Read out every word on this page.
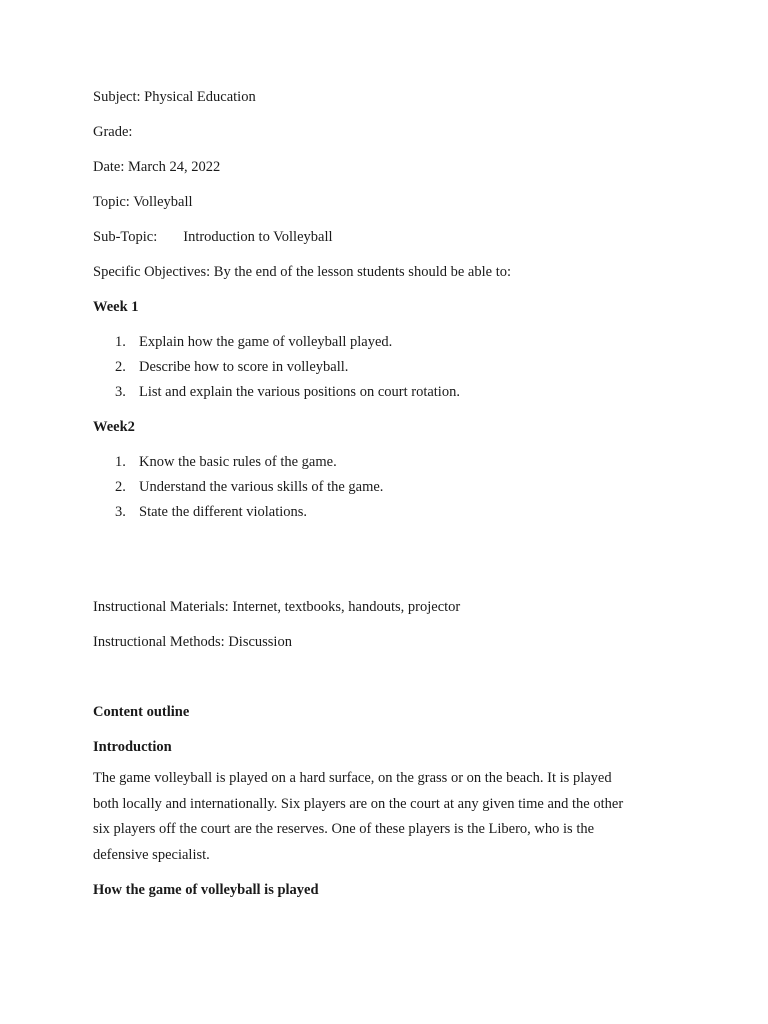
Subject: Physical Education
Grade:
Date: March 24, 2022
Topic: Volleyball
Sub-Topic: Introduction to Volleyball
Specific Objectives: By the end of the lesson students should be able to:
Week 1
1. Explain how the game of volleyball played.
2. Describe how to score in volleyball.
3. List and explain the various positions on court rotation.
Week2
1. Know the basic rules of the game.
2. Understand the various skills of the game.
3. State the different violations.
Instructional Materials: Internet, textbooks, handouts, projector
Instructional Methods: Discussion
Content outline
Introduction
The game volleyball is played on a hard surface, on the grass or on the beach. It is played
both locally and internationally. Six players are on the court at any given time and the other
six players off the court are the reserves. One of these players is the Libero, who is the
defensive specialist.
How the game of volleyball is played
